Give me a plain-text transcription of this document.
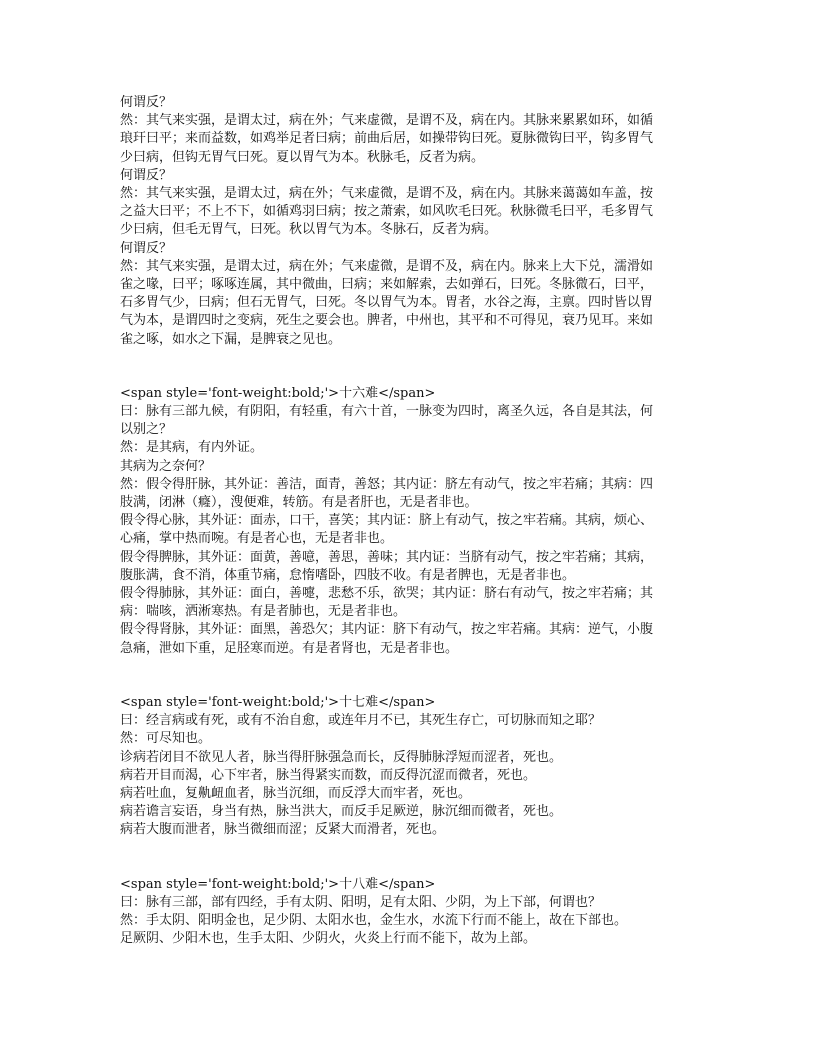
何谓反？
然：其气来实强，是谓太过，病在外；气来虚微，是谓不及，病在内。其脉来累累如环，如循
琅玕曰平；来而益数，如鸡举足者曰病；前曲后居，如操带钩曰死。夏脉微钩曰平，钩多胃气
少曰病，但钩无胃气曰死。夏以胃气为本。秋脉毛，反者为病。
何谓反？
然：其气来实强，是谓太过，病在外；气来虚微，是谓不及，病在内。其脉来蔼蔼如车盖，按
之益大曰平；不上不下，如循鸡羽曰病；按之萧索，如风吹毛曰死。秋脉微毛曰平，毛多胃气
少曰病，但毛无胃气，曰死。秋以胃气为本。冬脉石，反者为病。
何谓反？
然：其气来实强，是谓太过，病在外；气来虚微，是谓不及，病在内。脉来上大下兑，濡滑如
雀之喙，曰平；啄啄连属，其中微曲，曰病；来如解索，去如弹石，曰死。冬脉微石，曰平，
石多胃气少，曰病；但石无胃气，曰死。冬以胃气为本。胃者，水谷之海，主禀。四时皆以胃
气为本，是谓四时之变病，死生之要会也。脾者，中州也，其平和不可得见，衰乃见耳。来如
雀之啄，如水之下漏，是脾衰之见也。
<span style='font-weight:bold;'>十六难</span>
曰：脉有三部九候，有阴阳，有轻重，有六十首，一脉变为四时，离圣久远，各自是其法，何
以别之？
然：是其病，有内外证。
其病为之奈何？
然：假令得肝脉，其外证：善洁，面青，善怒；其内证：脐左有动气，按之牢若痛；其病：四
肢满，闭淋（癃），溲便难，转筋。有是者肝也，无是者非也。
假令得心脉，其外证：面赤，口干，喜笑；其内证：脐上有动气，按之牢若痛。其病，烦心、
心痛，掌中热而啘。有是者心也，无是者非也。
假令得脾脉，其外证：面黄，善噫，善思，善味；其内证：当脐有动气，按之牢若痛；其病，
腹胀满，食不消，体重节痛，怠惰嗜卧，四肢不收。有是者脾也，无是者非也。
假令得肺脉，其外证：面白，善嚏，悲愁不乐，欲哭；其内证：脐右有动气，按之牢若痛；其
病：喘咳，洒淅寒热。有是者肺也，无是者非也。
假令得肾脉，其外证：面黑，善恐欠；其内证：脐下有动气，按之牢若痛。其病：逆气，小腹
急痛，泄如下重，足胫寒而逆。有是者肾也，无是者非也。
<span style='font-weight:bold;'>十七难</span>
曰：经言病或有死，或有不治自愈，或连年月不已，其死生存亡，可切脉而知之耶？
然：可尽知也。
诊病若闭目不欲见人者，脉当得肝脉强急而长，反得肺脉浮短而涩者，死也。
病若开目而渴，心下牢者，脉当得紧实而数，而反得沉涩而微者，死也。
病若吐血，复鼽衄血者，脉当沉细，而反浮大而牢者，死也。
病若谵言妄语，身当有热，脉当洪大，而反手足厥逆，脉沉细而微者，死也。
病若大腹而泄者，脉当微细而涩；反紧大而滑者，死也。
<span style='font-weight:bold;'>十八难</span>
曰：脉有三部，部有四经，手有太阴、阳明，足有太阳、少阴，为上下部，何谓也？
然：手太阴、阳明金也，足少阴、太阳水也，金生水，水流下行而不能上，故在下部也。
足厥阴、少阳木也，生手太阳、少阴火，火炎上行而不能下，故为上部。
